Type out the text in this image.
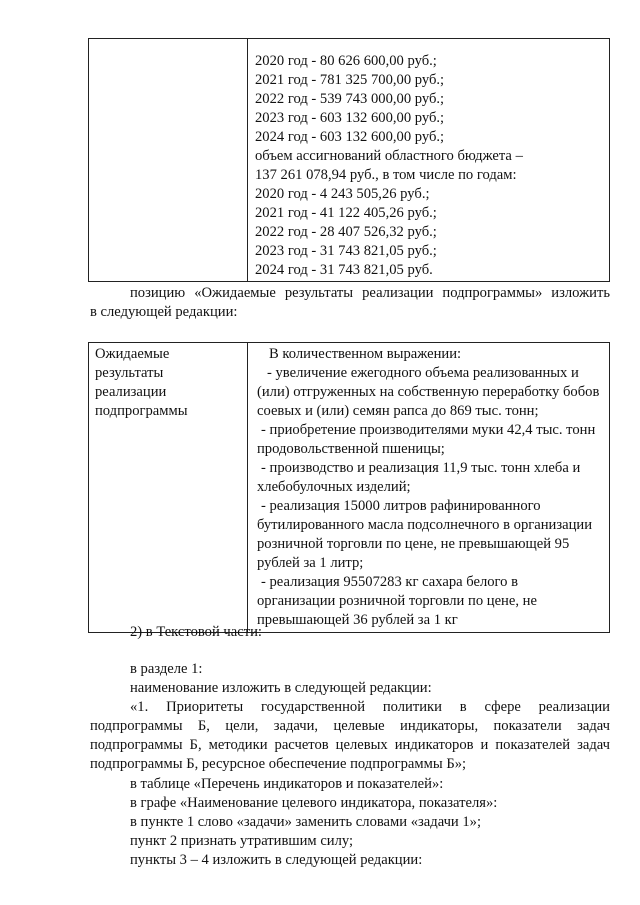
2020 год - 80 626 600,00 руб.;
2021 год - 781 325 700,00 руб.;
2022 год - 539 743 000,00 руб.;
2023 год - 603 132 600,00 руб.;
2024 год - 603 132 600,00 руб.;
объем ассигнований областного бюджета –
137 261 078,94 руб., в том числе по годам:
2020 год - 4 243 505,26 руб.;
2021 год - 41 122 405,26 руб.;
2022 год - 28 407 526,32 руб.;
2023 год - 31 743 821,05 руб.;
2024 год - 31 743 821,05 руб.
позицию «Ожидаемые результаты реализации подпрограммы» изложить
в следующей редакции:
Ожидаемые
результаты
реализации
подпрограммы

В количественном выражении:
- увеличение ежегодного объема реализованных и
(или) отгруженных на собственную переработку бобов
соевых и (или) семян рапса до 869 тыс. тонн;
- приобретение производителями муки 42,4 тыс. тонн
продовольственной пшеницы;
- производство и реализация 11,9 тыс. тонн хлеба и
хлебобулочных изделий;
- реализация 15000 литров рафинированного
бутилированного масла подсолнечного в организации
розничной торговли по цене, не превышающей 95
рублей за 1 литр;
- реализация 95507283 кг сахара белого в
организации розничной торговли по цене, не
превышающей 36 рублей за 1 кг
2) в Текстовой части:
в разделе 1:
наименование изложить в следующей редакции:
«1. Приоритеты государственной политики в сфере реализации
подпрограммы Б, цели, задачи, целевые индикаторы, показатели задач
подпрограммы Б, методики расчетов целевых индикаторов и показателей задач
подпрограммы Б, ресурсное обеспечение подпрограммы Б»;
в таблице «Перечень индикаторов и показателей»:
в графе «Наименование целевого индикатора, показателя»:
в пункте 1 слово «задачи» заменить словами «задачи 1»;
пункт 2 признать утратившим силу;
пункты 3 – 4 изложить в следующей редакции:
